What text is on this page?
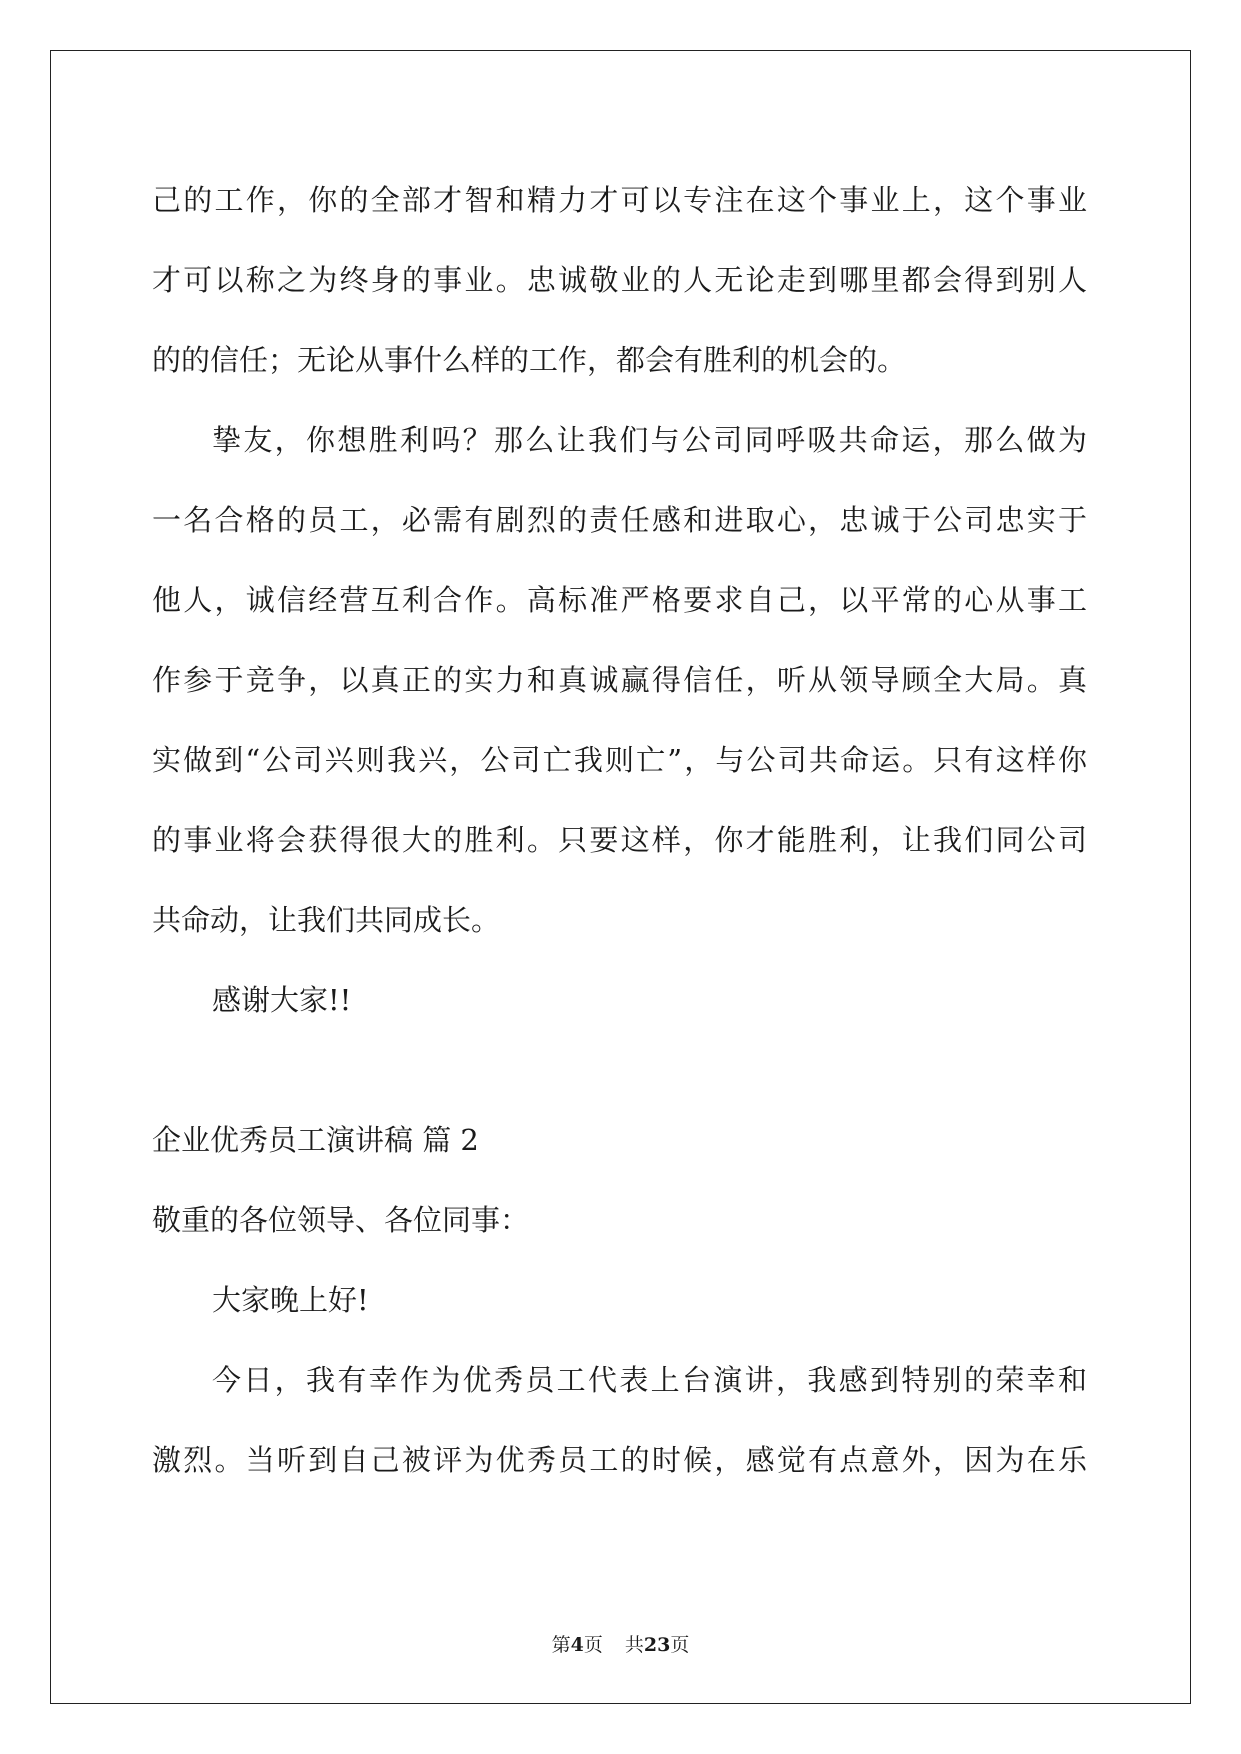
己的工作，你的全部才智和精力才可以专注在这个事业上，这个事业
才可以称之为终身的事业。忠诚敬业的人无论走到哪里都会得到别人
的的信任；无论从事什么样的工作，都会有胜利的机会的。
挚友，你想胜利吗？那么让我们与公司同呼吸共命运，那么做为
一名合格的员工，必需有剧烈的责任感和进取心，忠诚于公司忠实于
他人，诚信经营互利合作。高标准严格要求自己，以平常的心从事工
作参于竞争，以真正的实力和真诚赢得信任，听从领导顾全大局。真
实做到“公司兴则我兴，公司亡我则亡”，与公司共命运。只有这样你
的事业将会获得很大的胜利。只要这样，你才能胜利，让我们同公司
共命动，让我们共同成长。
感谢大家!!
企业优秀员工演讲稿 篇 2
敬重的各位领导、各位同事：
大家晚上好!
今日，我有幸作为优秀员工代表上台演讲，我感到特别的荣幸和
激烈。当听到自己被评为优秀员工的时候，感觉有点意外，因为在乐
第4页 共23页
